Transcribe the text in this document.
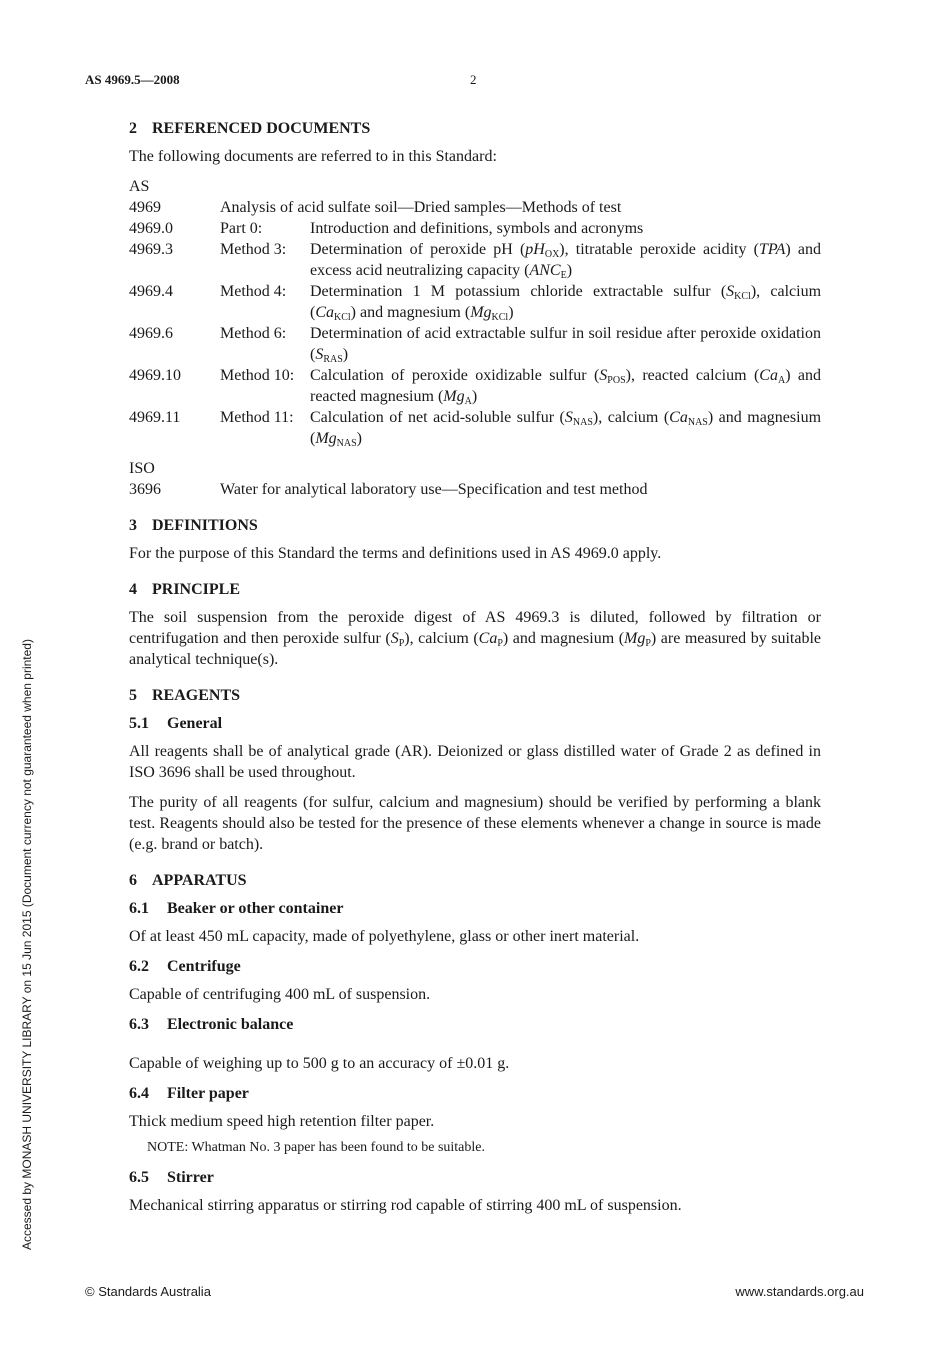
AS 4969.5—2008	2
2 REFERENCED DOCUMENTS

The following documents are referred to in this Standard:

AS
4969	Analysis of acid sulfate soil—Dried samples—Methods of test
4969.0	Part 0:	Introduction and definitions, symbols and acronyms
4969.3	Method 3:	Determination of peroxide pH $(pH_{OX})$, titratable peroxide acidity (TPA) and excess acid neutralizing capacity $(ANC_E)$
4969.4	Method 4:	Determination 1 M potassium chloride extractable sulfur $(S_{KCl})$, calcium $(Ca_{KCl})$ and magnesium $(Mg_{KCl})$
4969.6	Method 6:	Determination of acid extractable sulfur in soil residue after peroxide oxidation $(S_{RAS})$
4969.10	Method 10: Calculation of peroxide oxidizable sulfur $(S_{POS})$, reacted calcium $(Ca_A)$ and reacted magnesium $(Mg_A)$
4969.11	Method 11:	Calculation of net acid-soluble sulfur $(S_{NAS})$, calcium $(Ca_{NAS})$ and magnesium $(Mg_{NAS})$
ISO
3696	Water for analytical laboratory use—Specification and test method
3 DEFINITIONS

For the purpose of this Standard the terms and definitions used in AS 4969.0 apply.

4 PRINCIPLE

The soil suspension from the peroxide digest of AS 4969.3 is diluted, followed by filtration or centrifugation and then peroxide sulfur $(S_P)$, calcium $(Ca_P)$ and magnesium $(Mg_P)$ are measured by suitable analytical technique(s).

5 REAGENTS
5.1 General

All reagents shall be of analytical grade (AR). Deionized or glass distilled water of Grade 2 as defined in ISO 3696 shall be used throughout.

The purity of all reagents (for sulfur, calcium and magnesium) should be verified by performing a blank test. Reagents should also be tested for the presence of these elements whenever a change in source is made (e.g. brand or batch).

6 APPARATUS
6.1 Beaker or other container

Of at least 450 mL capacity, made of polyethylene, glass or other inert material.

6.2 Centrifuge

Capable of centrifuging 400 mL of suspension.

6.3 Electronic balance

Capable of weighing up to 500 g to an accuracy of ±0.01 g.

6.4 Filter paper

Thick medium speed high retention filter paper.

NOTE: Whatman No. 3 paper has been found to be suitable.
6.5 Stirrer

Mechanical stirring apparatus or stirring rod capable of stirring 400 mL of suspension.

Accessed by MONASH UNIVERSITY LIBRARY on 15 Jun 2015 (Document currency not guaranteed when printed)
© Standards Australia	www.standards.org.au
